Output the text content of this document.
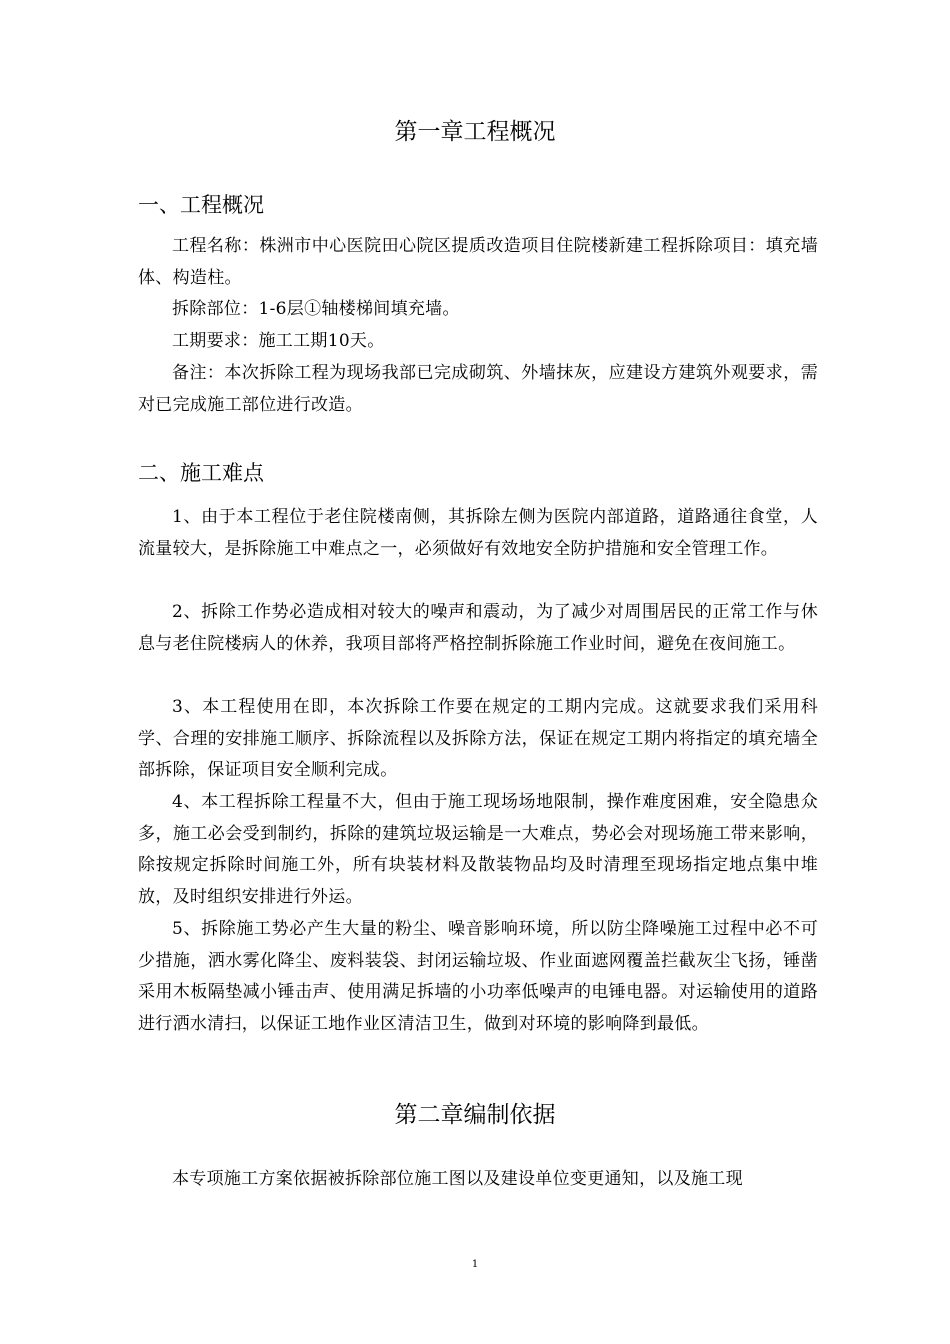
第一章工程概况
一、工程概况

工程名称：株洲市中心医院田心院区提质改造项目住院楼新建工程拆除项目：填充墙体、构造柱。

拆除部位：1-6层①轴楼梯间填充墙。

工期要求：施工工期10天。

备注：本次拆除工程为现场我部已完成砌筑、外墙抹灰，应建设方建筑外观要求，需对已完成施工部位进行改造。

二、施工难点

1、由于本工程位于老住院楼南侧，其拆除左侧为医院内部道路，道路通往食堂，人流量较大，是拆除施工中难点之一，必须做好有效地安全防护措施和安全管理工作。

2、拆除工作势必造成相对较大的噪声和震动，为了减少对周围居民的正常工作与休息与老住院楼病人的休养，我项目部将严格控制拆除施工作业时间，避免在夜间施工。

3、本工程使用在即，本次拆除工作要在规定的工期内完成。这就要求我们采用科学、合理的安排施工顺序、拆除流程以及拆除方法，保证在规定工期内将指定的填充墙全部拆除，保证项目安全顺利完成。

4、本工程拆除工程量不大，但由于施工现场场地限制，操作难度困难，安全隐患众多，施工必会受到制约，拆除的建筑垃圾运输是一大难点，势必会对现场施工带来影响，除按规定拆除时间施工外，所有块装材料及散装物品均及时清理至现场指定地点集中堆放，及时组织安排进行外运。

5、拆除施工势必产生大量的粉尘、噪音影响环境，所以防尘降噪施工过程中必不可少措施，洒水雾化降尘、废料装袋、封闭运输垃圾、作业面遮网覆盖拦截灰尘飞扬，锤凿采用木板隔垫减小锤击声、使用满足拆墙的小功率低噪声的电锤电器。对运输使用的道路进行洒水清扫，以保证工地作业区清洁卫生，做到对环境的影响降到最低。

第二章编制依据

本专项施工方案依据被拆除部位施工图以及建设单位变更通知，以及施工现

1
